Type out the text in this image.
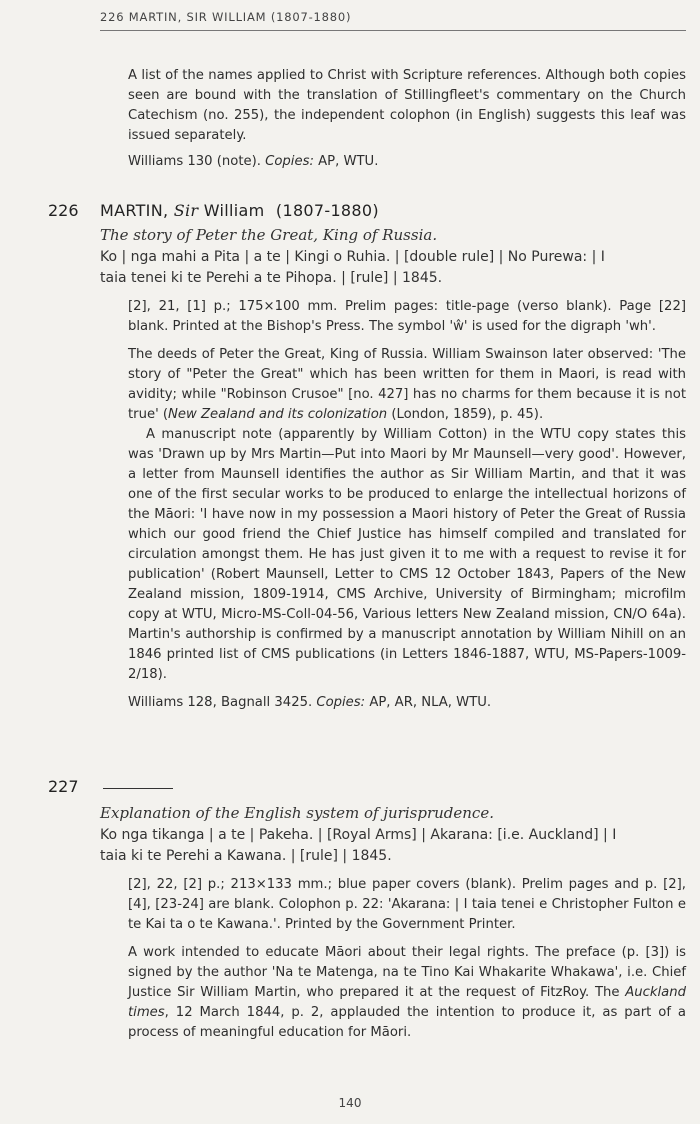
226 MARTIN, SIR WILLIAM (1807-1880)

A list of the names applied to Christ with Scripture references. Although both copies seen are bound with the translation of Stillingfleet's commentary on the Church Catechism (no. 255), the independent colophon (in English) suggests this leaf was issued separately.

Williams 130 (note). Copies: AP, WTU.

226 MARTIN, Sir William (1807-1880)
The story of Peter the Great, King of Russia.
Ko | nga mahi a Pita | a te | Kingi o Ruhia. | [double rule] | No Purewa: | I
taia tenei ki te Perehi a te Pihopa. | [rule] | 1845.

[2], 21, [1] p.; 175×100 mm. Prelim pages: title-page (verso blank). Page [22] blank. Printed at the Bishop's Press. The symbol 'ŵ' is used for the digraph 'wh'.

The deeds of Peter the Great, King of Russia. William Swainson later observed: 'The story of "Peter the Great" which has been written for them in Maori, is read with avidity; while "Robinson Crusoe" [no. 427] has no charms for them because it is not true' (New Zealand and its colonization (London, 1859), p. 45).

A manuscript note (apparently by William Cotton) in the WTU copy states this was 'Drawn up by Mrs Martin—Put into Maori by Mr Maunsell—very good'. However, a letter from Maunsell identifies the author as Sir William Martin, and that it was one of the first secular works to be produced to enlarge the intellectual horizons of the Māori: 'I have now in my possession a Maori history of Peter the Great of Russia which our good friend the Chief Justice has himself compiled and translated for circulation amongst them. He has just given it to me with a request to revise it for publication' (Robert Maunsell, Letter to CMS 12 October 1843, Papers of the New Zealand mission, 1809-1914, CMS Archive, University of Birmingham; microfilm copy at WTU, Micro-MS-Coll-04-56, Various letters New Zealand mission, CN/O 64a). Martin's authorship is confirmed by a manuscript annotation by William Nihill on an 1846 printed list of CMS publications (in Letters 1846-1887, WTU, MS-Papers-1009-2/18).

Williams 128, Bagnall 3425. Copies: AP, AR, NLA, WTU.

227
Explanation of the English system of jurisprudence.
Ko nga tikanga | a te | Pakeha. | [Royal Arms] | Akarana: [i.e. Auckland] | I
taia ki te Perehi a Kawana. | [rule] | 1845.

[2], 22, [2] p.; 213×133 mm.; blue paper covers (blank). Prelim pages and p. [2], [4], [23-24] are blank. Colophon p. 22: 'Akarana: | I taia tenei e Christopher Fulton e te Kai ta o te Kawana.'. Printed by the Government Printer.

A work intended to educate Māori about their legal rights. The preface (p. [3]) is signed by the author 'Na te Matenga, na te Tino Kai Whakarite Whakawa', i.e. Chief Justice Sir William Martin, who prepared it at the request of FitzRoy. The Auckland times, 12 March 1844, p. 2, applauded the intention to produce it, as part of a process of meaningful education for Māori.

140
